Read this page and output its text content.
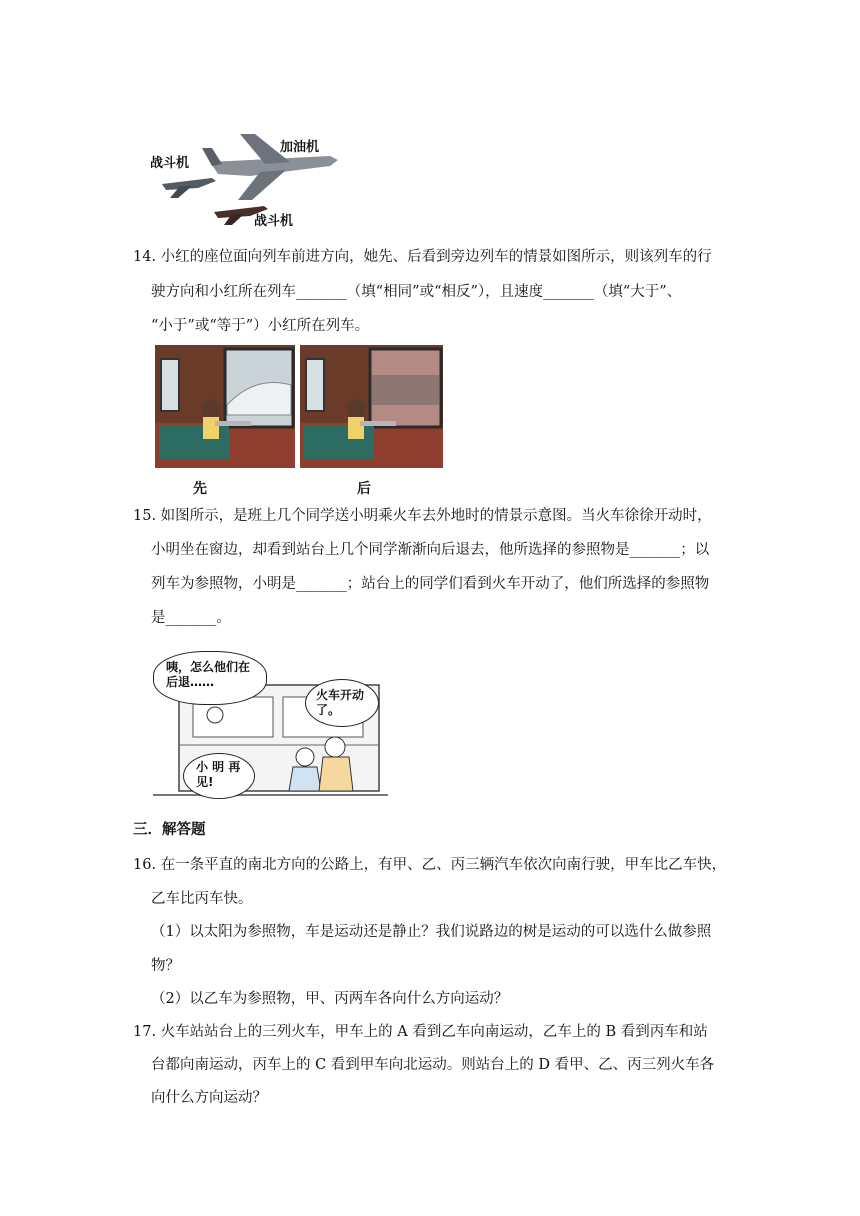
加油机
战斗机
战斗机
14. 小红的座位面向列车前进方向，她先、后看到旁边列车的情景如图所示，则该列车的行
驶方向和小红所在列车_______（填“相同”或“相反”），且速度_______（填“大于”、
“小于”或“等于”）小红所在列车。
先	后
15. 如图所示，是班上几个同学送小明乘火车去外地时的情景示意图。当火车徐徐开动时，
小明坐在窗边，却看到站台上几个同学渐渐向后退去，他所选择的参照物是_______；以
列车为参照物，小明是_______；站台上的同学们看到火车开动了，他们所选择的参照物
是_______。
咦，怎么他们在
后退……
火车开动
了。
小 明 再
见!
三．解答题
16. 在一条平直的南北方向的公路上，有甲、乙、丙三辆汽车依次向南行驶，甲车比乙车快，
乙车比丙车快。
（1）以太阳为参照物，车是运动还是静止？我们说路边的树是运动的可以选什么做参照
物？
（2）以乙车为参照物，甲、丙两车各向什么方向运动？
17. 火车站站台上的三列火车，甲车上的 A 看到乙车向南运动，乙车上的 B 看到丙车和站
台都向南运动，丙车上的 C 看到甲车向北运动。则站台上的 D 看甲、乙、丙三列火车各
向什么方向运动？
